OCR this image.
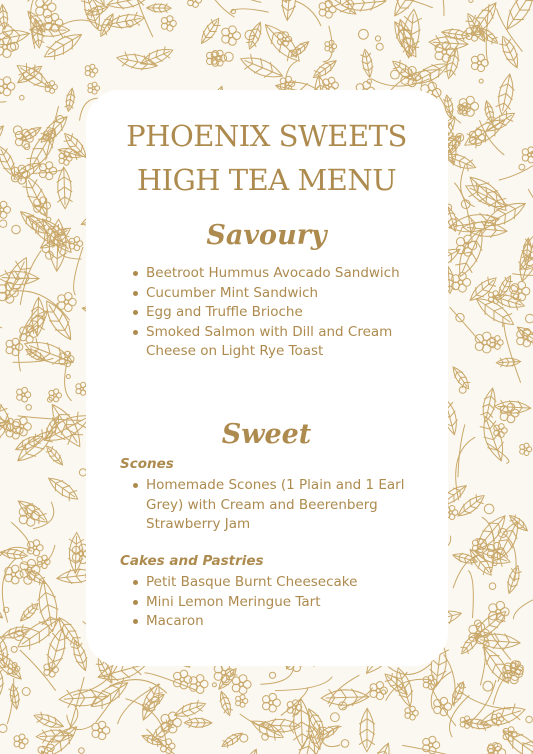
PHOENIX SWEETS
HIGH TEA MENU
Savoury
Beetroot Hummus Avocado Sandwich
Cucumber Mint Sandwich
Egg and Truffle Brioche
Smoked Salmon with Dill and Cream Cheese on Light Rye Toast
Sweet
Scones
Homemade Scones (1 Plain and 1 Earl Grey) with Cream and Beerenberg Strawberry Jam
Cakes and Pastries
Petit Basque Burnt Cheesecake
Mini Lemon Meringue Tart
Macaron
